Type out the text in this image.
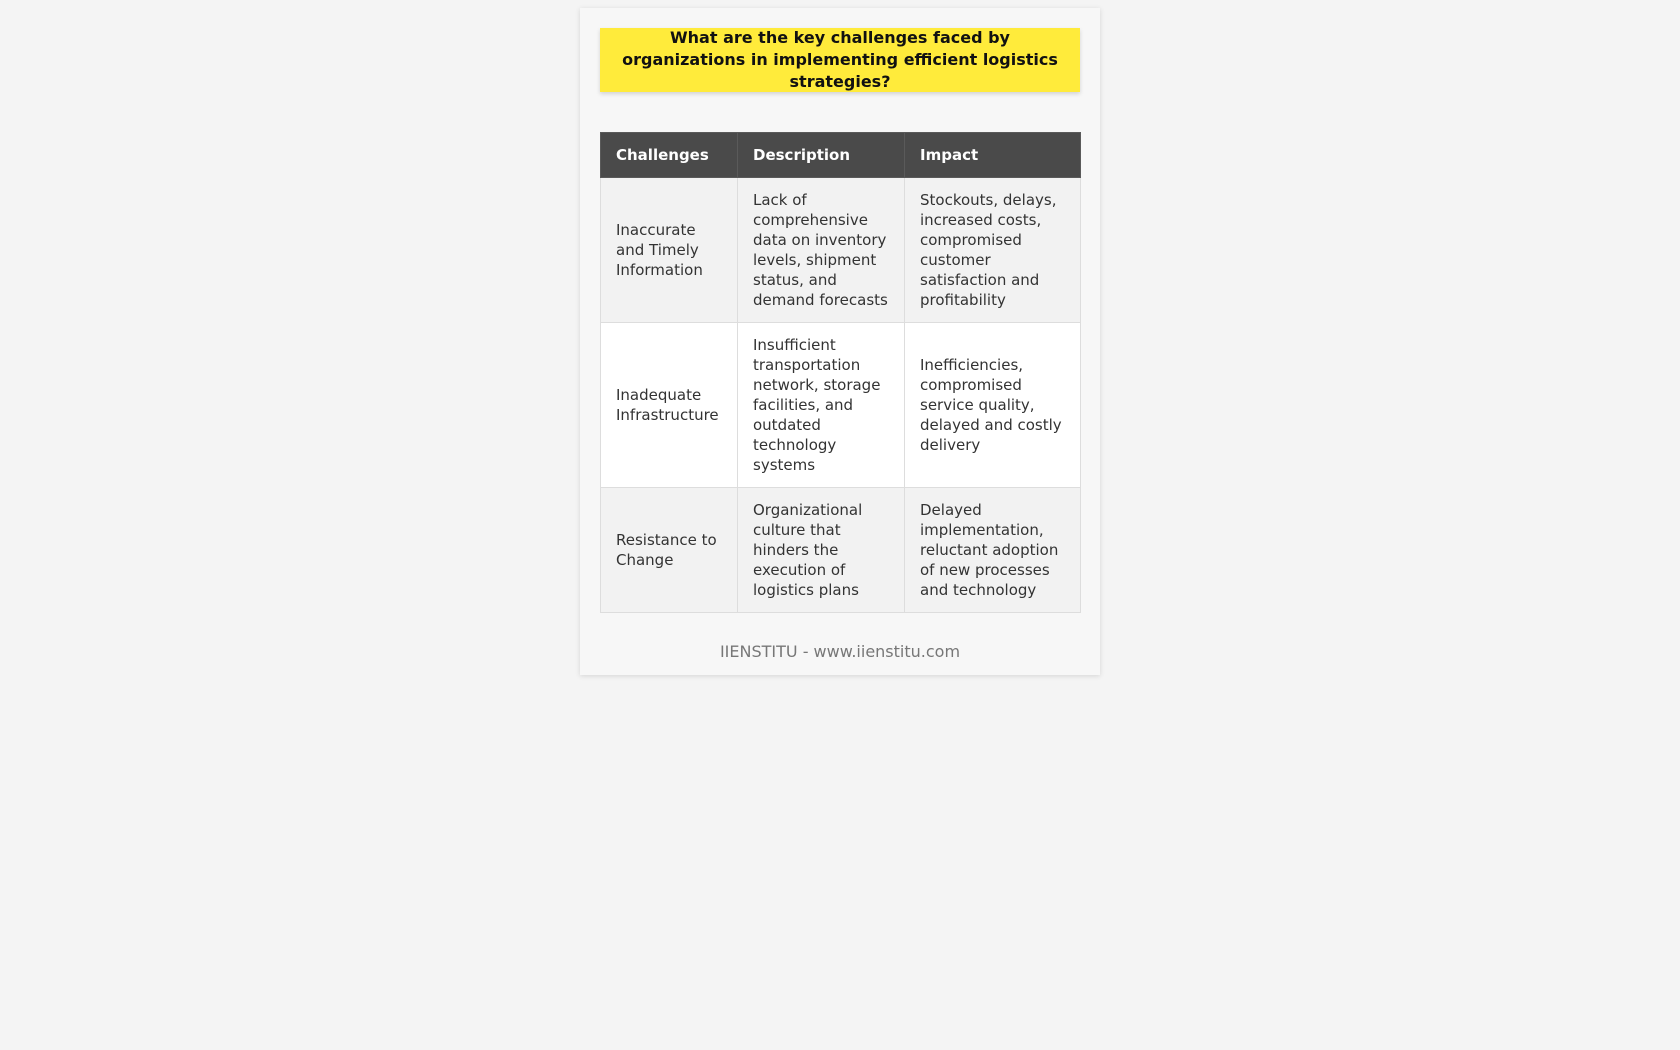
What are the key challenges faced by organizations in implementing efficient logistics strategies?
Challenges	Description	Impact
Inaccurate and Timely Information	Lack of comprehensive data on inventory levels, shipment status, and demand forecasts	Stockouts, delays, increased costs, compromised customer satisfaction and profitability
Inadequate Infrastructure	Insufficient transportation network, storage facilities, and outdated technology systems	Inefficiencies, compromised service quality, delayed and costly delivery
Resistance to Change	Organizational culture that hinders the execution of logistics plans	Delayed implementation, reluctant adoption of new processes and technology
IIENSTITU - www.iienstitu.com
